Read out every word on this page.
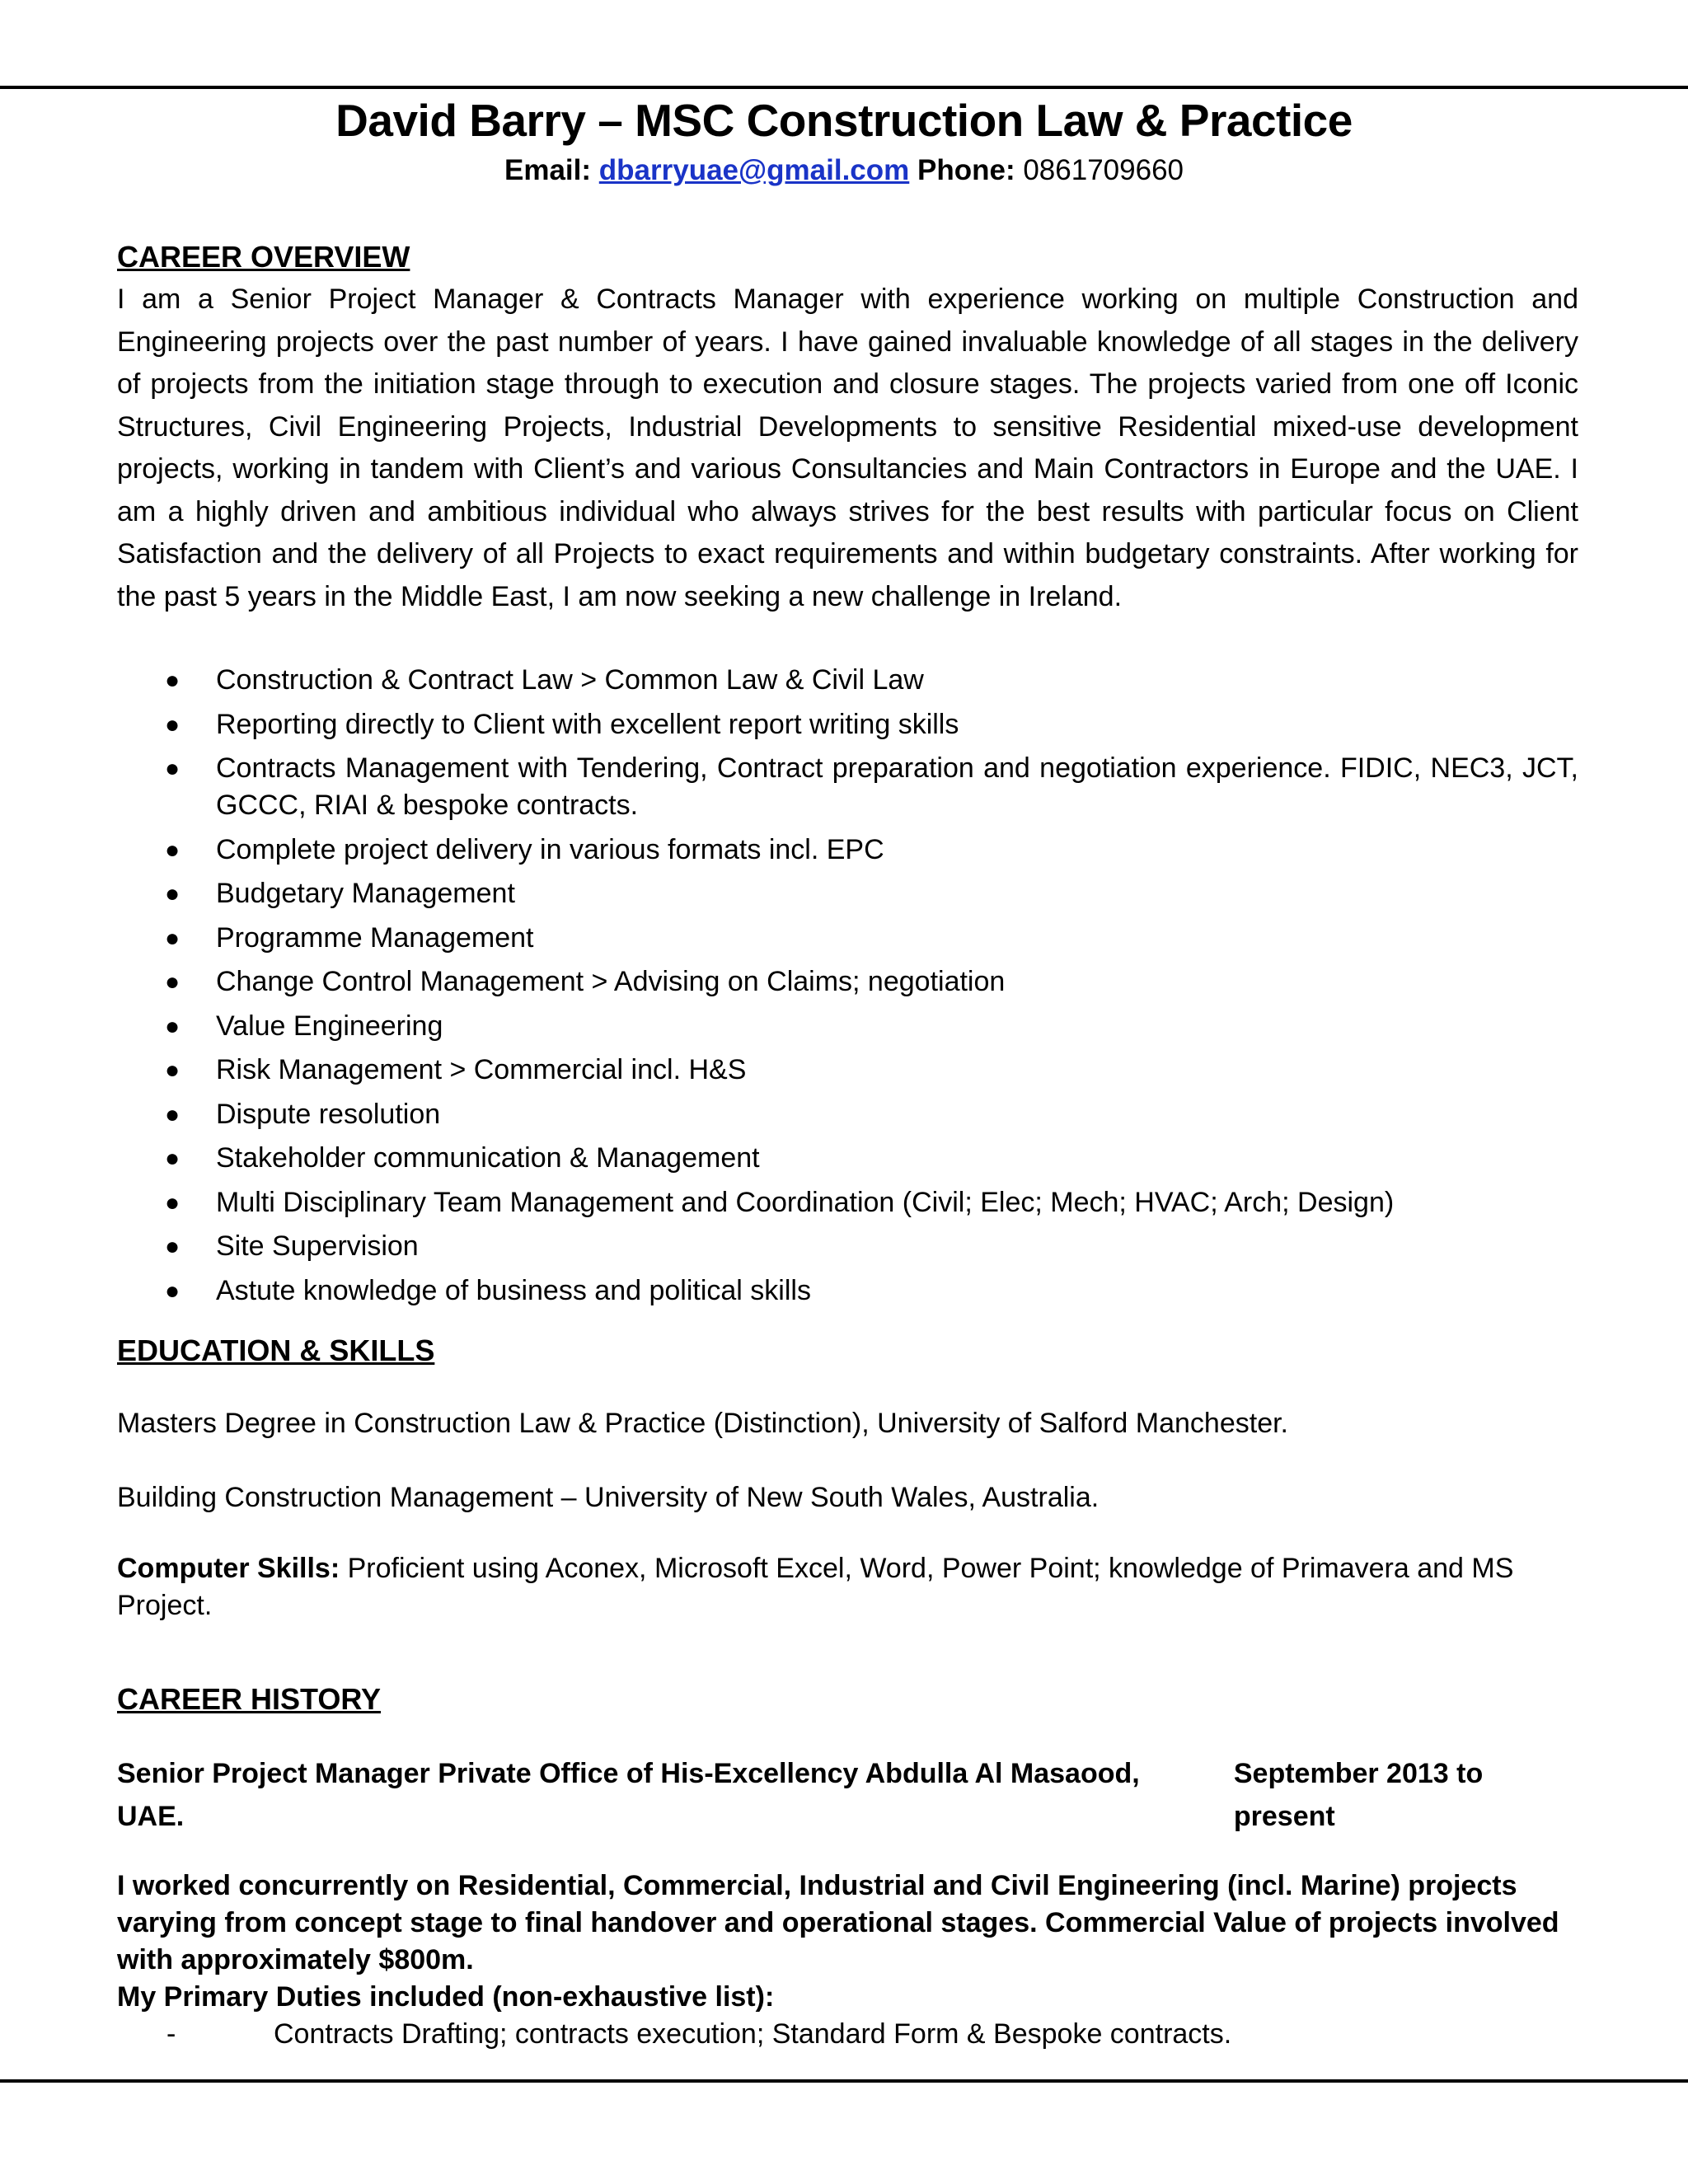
David Barry – MSC Construction Law & Practice
Email: dbarryuae@gmail.com Phone: 0861709660
CAREER OVERVIEW

I am a Senior Project Manager & Contracts Manager with experience working on multiple Construction and Engineering projects over the past number of years. I have gained invaluable knowledge of all stages in the delivery of projects from the initiation stage through to execution and closure stages. The projects varied from one off Iconic Structures, Civil Engineering Projects, Industrial Developments to sensitive Residential mixed-use development projects, working in tandem with Client’s and various Consultancies and Main Contractors in Europe and the UAE. I am a highly driven and ambitious individual who always strives for the best results with particular focus on Client Satisfaction and the delivery of all Projects to exact requirements and within budgetary constraints. After working for the past 5 years in the Middle East, I am now seeking a new challenge in Ireland.

● Construction & Contract Law > Common Law & Civil Law
● Reporting directly to Client with excellent report writing skills
● Contracts Management with Tendering, Contract preparation and negotiation experience. FIDIC, NEC3, JCT, GCCC, RIAI & bespoke contracts.
● Complete project delivery in various formats incl. EPC
● Budgetary Management
● Programme Management
● Change Control Management > Advising on Claims; negotiation
● Value Engineering
● Risk Management > Commercial incl. H&S
● Dispute resolution
● Stakeholder communication & Management
● Multi Disciplinary Team Management and Coordination (Civil; Elec; Mech; HVAC; Arch; Design)
● Site Supervision
● Astute knowledge of business and political skills
EDUCATION & SKILLS

Masters Degree in Construction Law & Practice (Distinction), University of Salford Manchester.

Building Construction Management – University of New South Wales, Australia.

Computer Skills: Proficient using Aconex, Microsoft Excel, Word, Power Point; knowledge of Primavera and MS Project.

CAREER HISTORY
Senior Project Manager Private Office of His-Excellency Abdulla Al Masaood, UAE.
September 2013 to present

I worked concurrently on Residential, Commercial, Industrial and Civil Engineering (incl. Marine) projects varying from concept stage to final handover and operational stages. Commercial Value of projects involved with approximately $800m.

My Primary Duties included (non-exhaustive list):

-	Contracts Drafting; contracts execution; Standard Form & Bespoke contracts.
